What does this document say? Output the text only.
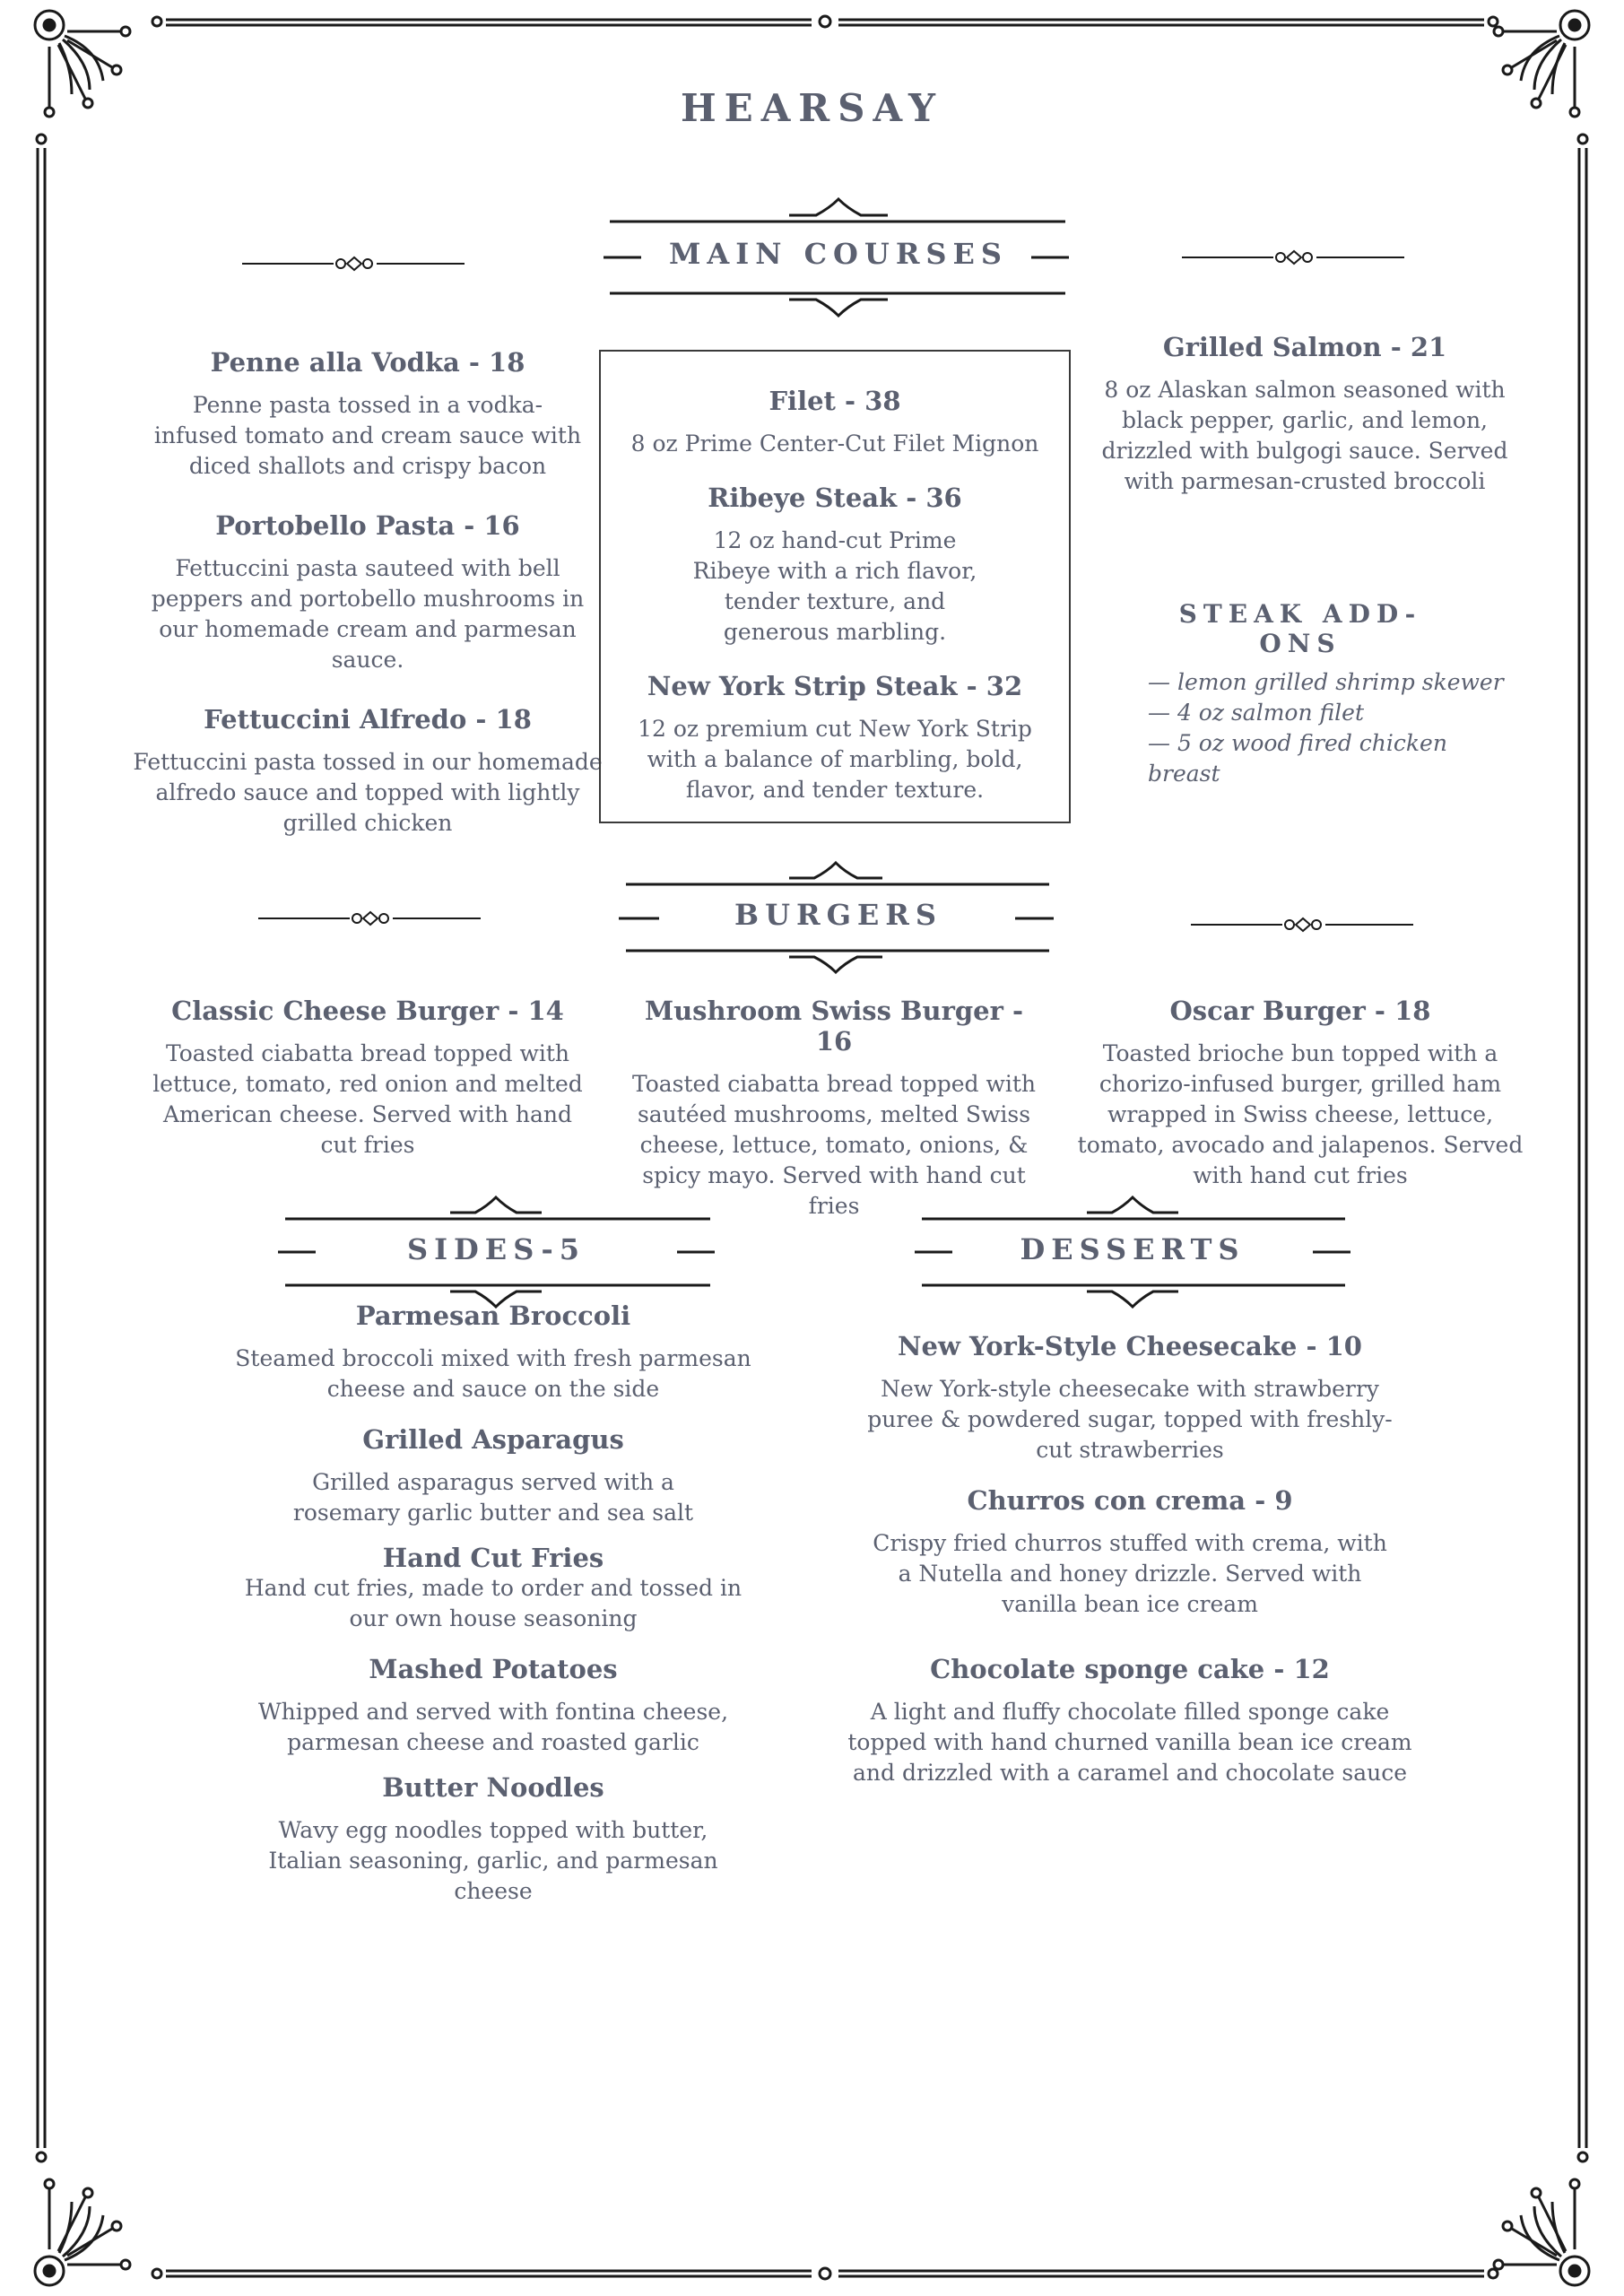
HEARSAY
MAIN COURSES

Penne alla Vodka - 18

Penne pasta tossed in a vodka-infused tomato and cream sauce with diced shallots and crispy bacon

Portobello Pasta - 16

Fettuccini pasta sauteed with bell peppers and portobello mushrooms in our homemade cream and parmesan sauce.

Fettuccini Alfredo - 18

Fettuccini pasta tossed in our homemade alfredo sauce and topped with lightly grilled chicken

Filet - 38

8 oz Prime Center-Cut Filet Mignon

Ribeye Steak - 36

12 oz hand-cut Prime Ribeye with a rich flavor, tender texture, and generous marbling.

New York Strip Steak - 32

12 oz premium cut New York Strip with a balance of marbling, bold, flavor, and tender texture.

Grilled Salmon - 21

8 oz Alaskan salmon seasoned with black pepper, garlic, and lemon, drizzled with bulgogi sauce. Served with parmesan-crusted broccoli

STEAK ADD-ONS
— lemon grilled shrimp skewer
— 4 oz salmon filet
— 5 oz wood fired chicken breast
BURGERS

Classic Cheese Burger - 14

Toasted ciabatta bread topped with lettuce, tomato, red onion and melted American cheese. Served with hand cut fries

Mushroom Swiss Burger - 16

Toasted ciabatta bread topped with sautéed mushrooms, melted Swiss cheese, lettuce, tomato, onions, & spicy mayo. Served with hand cut fries

Oscar Burger - 18

Toasted brioche bun topped with a chorizo-infused burger, grilled ham wrapped in Swiss cheese, lettuce, tomato, avocado and jalapenos. Served with hand cut fries

SIDES-5

Parmesan Broccoli

Steamed broccoli mixed with fresh parmesan cheese and sauce on the side

Grilled Asparagus

Grilled asparagus served with a rosemary garlic butter and sea salt

Hand Cut Fries

Hand cut fries, made to order and tossed in our own house seasoning

Mashed Potatoes

Whipped and served with fontina cheese, parmesan cheese and roasted garlic

Butter Noodles

Wavy egg noodles topped with butter, Italian seasoning, garlic, and parmesan cheese

DESSERTS

New York-Style Cheesecake - 10

New York-style cheesecake with strawberry puree & powdered sugar, topped with freshly-cut strawberries

Churros con crema - 9

Crispy fried churros stuffed with crema, with a Nutella and honey drizzle. Served with vanilla bean ice cream

Chocolate sponge cake - 12

A light and fluffy chocolate filled sponge cake topped with hand churned vanilla bean ice cream and drizzled with a caramel and chocolate sauce
